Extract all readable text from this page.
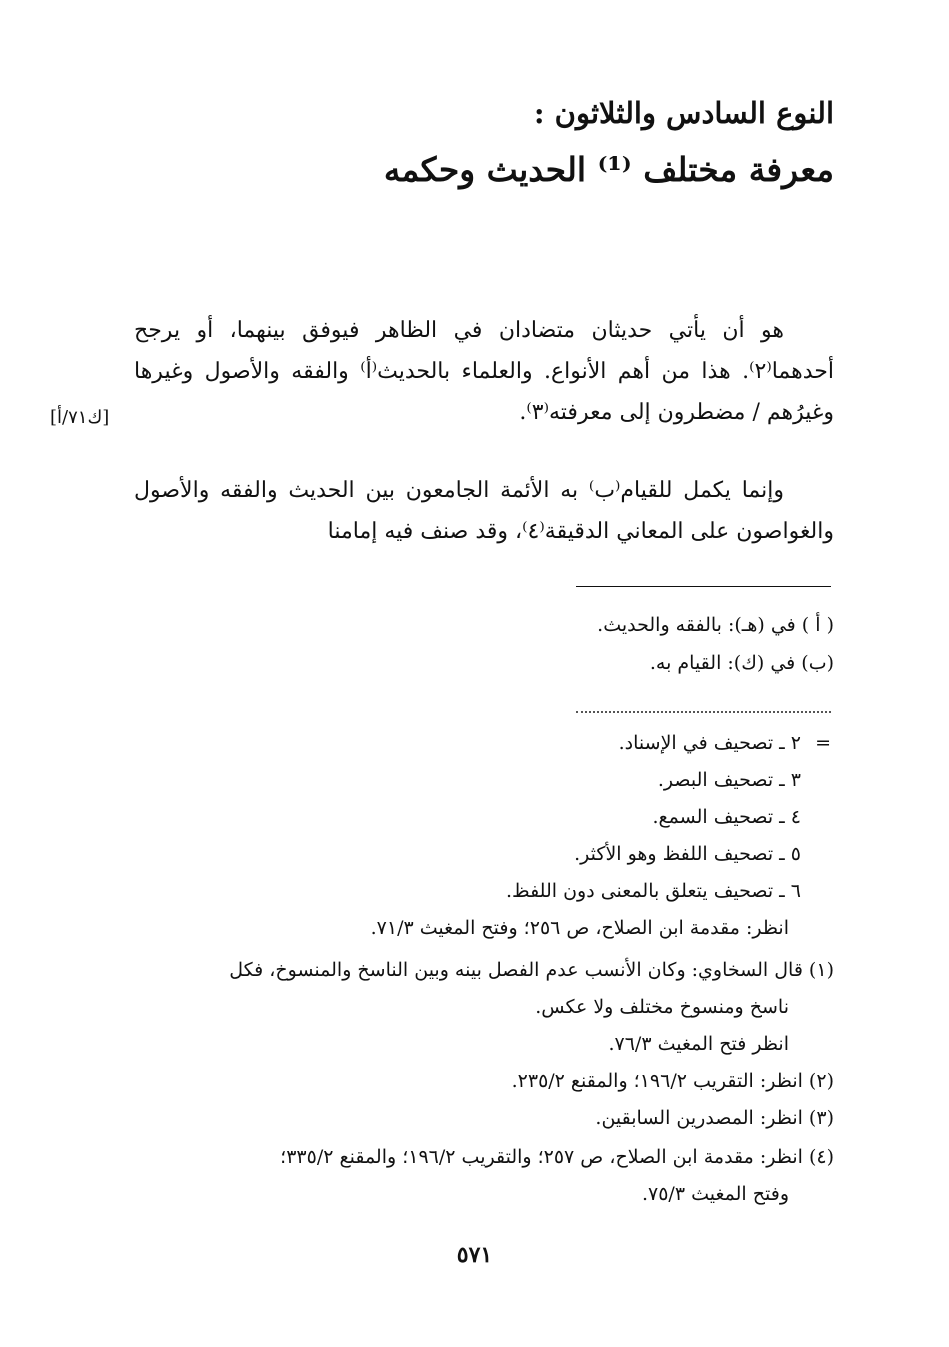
النوع السادس والثلاثون :
معرفة مختلف ⁽¹⁾ الحديث وحكمه
هو أن يأتي حديثان متضادان في الظاهر فيوفق بينهما، أو يرجح أحدهما⁽٢⁾. هذا من أهم الأنواع. والعلماء بالحديث⁽أ⁾ والفقه والأصول وغيرها وغيرُهم / مضطرون إلى معرفته⁽٣⁾.
[ك٧١/أ]
وإنما يكمل للقيام⁽ب⁾ به الأئمة الجامعون بين الحديث والفقه والأصول والغواصون على المعاني الدقيقة⁽٤⁾، وقد صنف فيه إمامنا
( أ ) في (هـ): بالفقه والحديث.
(ب) في (ك): القيام به.
=
٢ ـ تصحيف في الإسناد.
٣ ـ تصحيف البصر.
٤ ـ تصحيف السمع.
٥ ـ تصحيف اللفظ وهو الأكثر.
٦ ـ تصحيف يتعلق بالمعنى دون اللفظ.
انظر: مقدمة ابن الصلاح، ص ٢٥٦؛ وفتح المغيث ٧١/٣.
(١) قال السخاوي: وكان الأنسب عدم الفصل بينه وبين الناسخ والمنسوخ، فكل
ناسخ ومنسوخ مختلف ولا عكس.
انظر فتح المغيث ٧٦/٣.
(٢) انظر: التقريب ١٩٦/٢؛ والمقنع ٢٣٥/٢.
(٣) انظر: المصدرين السابقين.
(٤) انظر: مقدمة ابن الصلاح، ص ٢٥٧؛ والتقريب ١٩٦/٢؛ والمقنع ٣٣٥/٢؛
وفتح المغيث ٧٥/٣.
٥٧١
